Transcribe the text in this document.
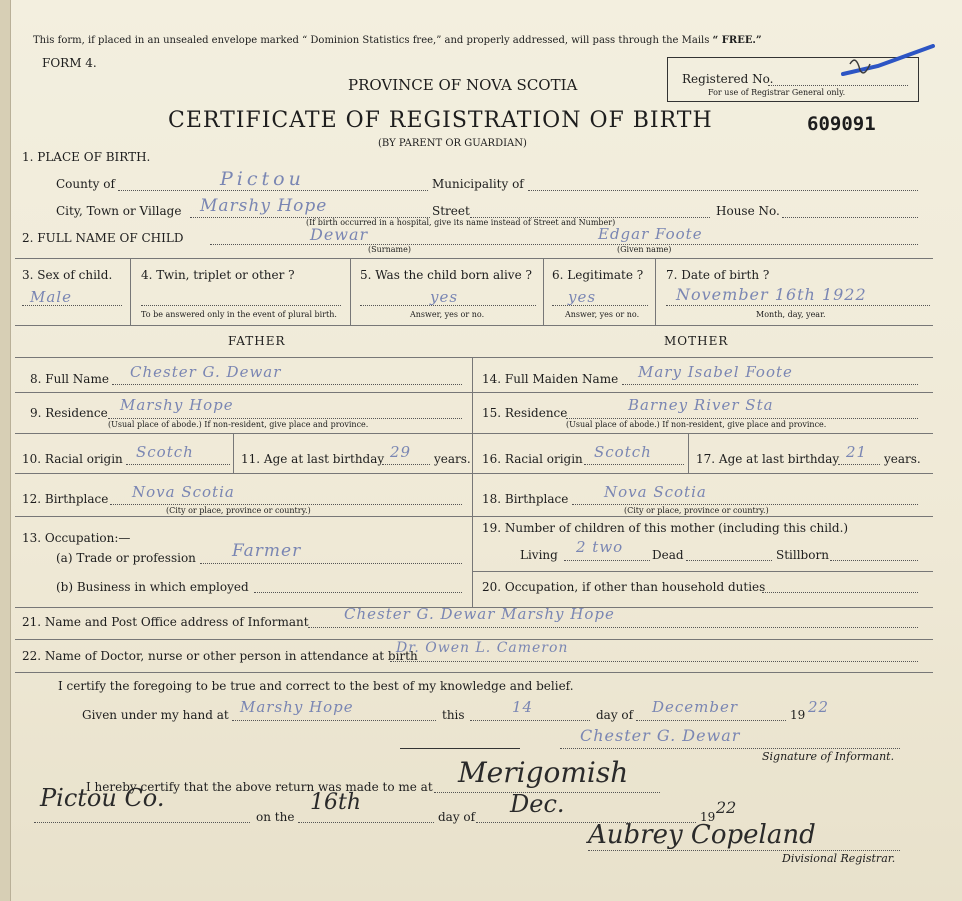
This form, if placed in an unsealed envelope marked “ Dominion Statistics free,” and properly addressed, will pass through the Mails “ FREE.”
FORM 4.
PROVINCE OF NOVA SCOTIA	Registered No.
For use of Registrar General only.
CERTIFICATE OF REGISTRATION OF BIRTH	609091
(BY PARENT OR GUARDIAN)
1. PLACE OF BIRTH.
County of	Pictou	Municipality of
City, Town or Village Marshy Hope	Street	House No.
(If birth occurred in a hospital, give its name instead of Street and Number)
2. FULL NAME OF CHILD	Dewar	Edgar Foote
(Surname)	(Given name)
3. Sex of child.
Male
4. Twin, triplet or other ?
To be answered only in the event of plural birth.
5. Was the child born alive ?
yes
Answer, yes or no.
6. Legitimate ?
yes
Answer, yes or no.
7. Date of birth ?
November 16th 1922
Month, day, year.
FATHER	MOTHER
8. Full Name Chester G. Dewar
9. Residence Marshy Hope
(Usual place of abode.) If non-resident, give place and province.
10. Racial origin Scotch	11. Age at last birthday 29 years.
12. Birthplace Nova Scotia
(City or place, province or country.)
13. Occupation:—
(a) Trade or profession Farmer
(b) Business in which employed
14. Full Maiden Name Mary Isabel Foote
15. Residence	Barney River Sta
(Usual place of abode.) If non-resident, give place and province.
16. Racial origin Scotch	17. Age at last birthday 21 years.
18. Birthplace Nova Scotia
(City or place, province or country.)
19. Number of children of this mother (including this child.)
Living 2 two Dead	Stillborn
20. Occupation, if other than household duties
21. Name and Post Office address of Informant Chester G. Dewar Marshy Hope
22. Name of Doctor, nurse or other person in attendance at birth
Dr. Owen L. Cameron
I certify the foregoing to be true and correct to the best of my knowledge and belief.
Given under my hand at Marshy Hope	this	14	day of December	19 22
Chester G. Dewar
Signature of Informant.
I hereby certify that the above return was made to me at Merigomish
Pictou Co.
on the
16th
day of Dec.	19 22
Aubrey Copeland
Divisional Registrar.
